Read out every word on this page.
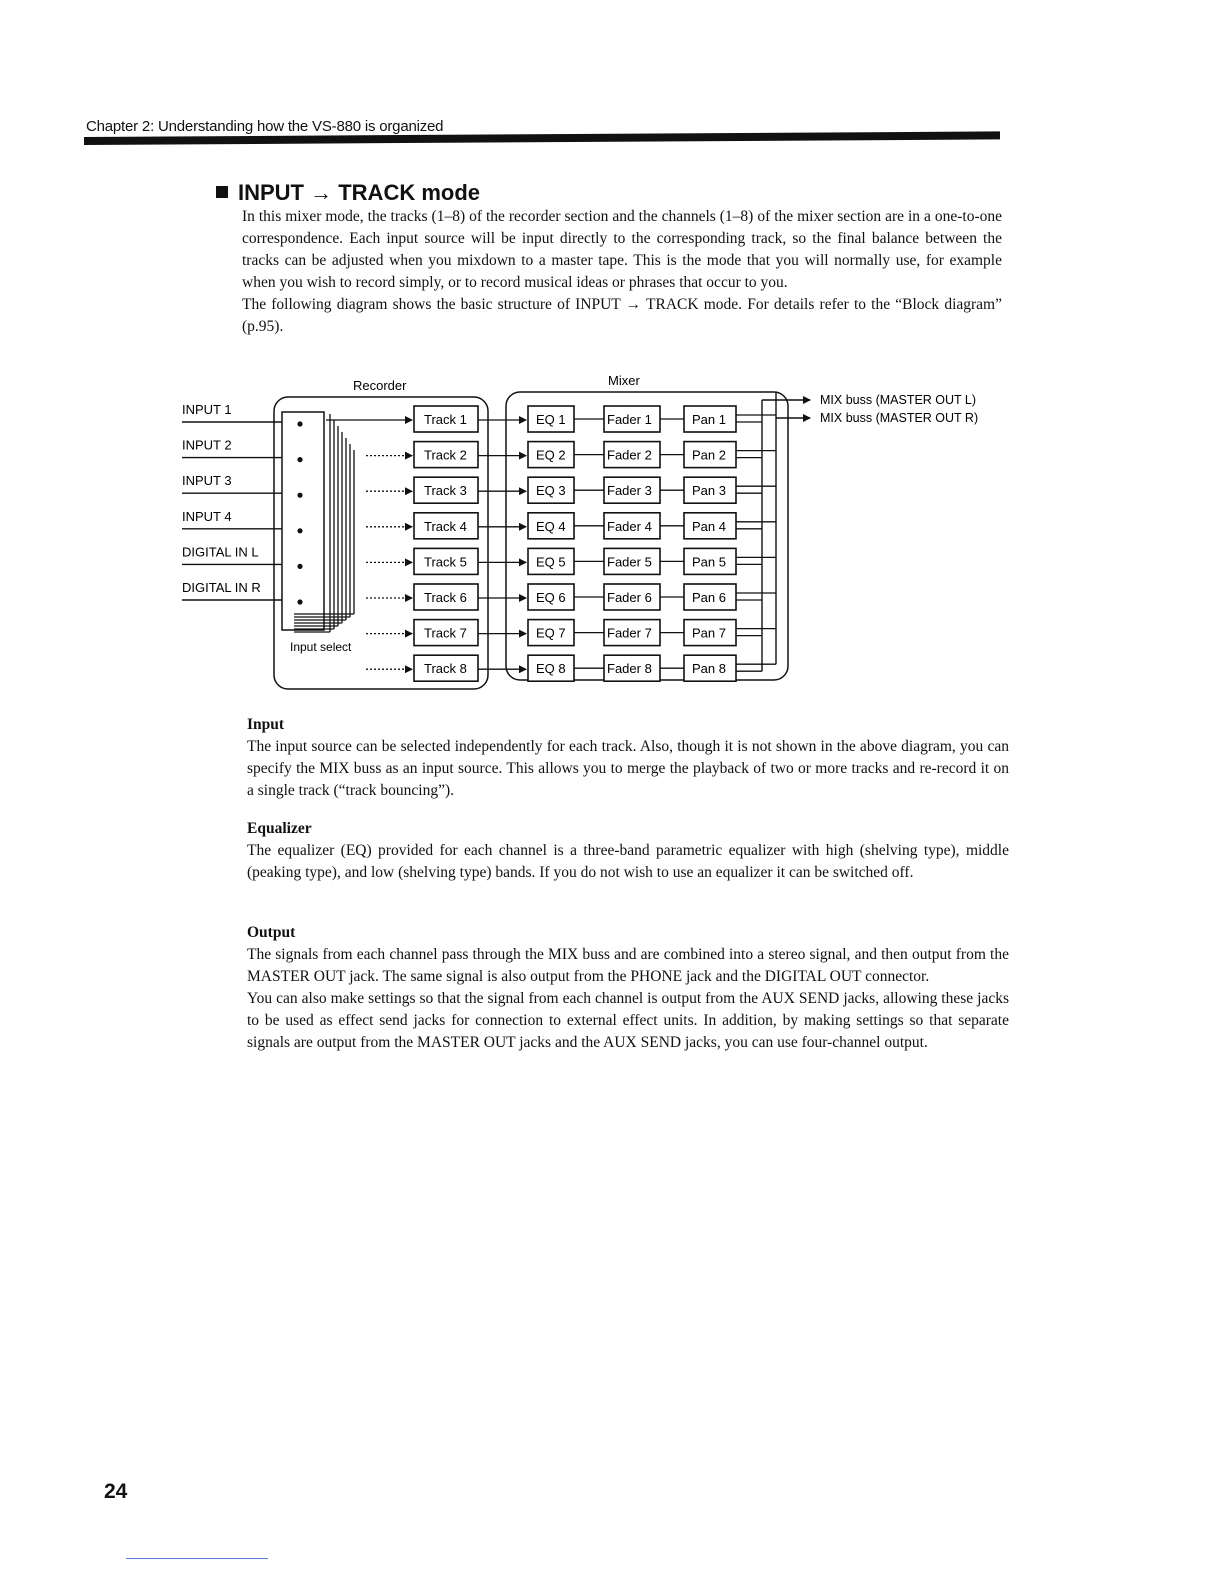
Chapter 2: Understanding how the VS-880 is organized
INPUT → TRACK mode

In this mixer mode, the tracks (1–8) of the recorder section and the channels (1–8) of the mixer section are in a one-to-one correspondence. Each input source will be input directly to the corresponding track, so the final balance between the tracks can be adjusted when you mixdown to a master tape. This is the mode that you will normally use, for example when you wish to record simply, or to record musical ideas or phrases that occur to you.

The following diagram shows the basic structure of INPUT → TRACK mode. For details refer to the “Block diagram” (p.95).

Recorder	Mixer
Input select
INPUT 1
INPUT 2
INPUT 3
INPUT 4
DIGITAL IN L
DIGITAL IN R
Track 1
Track 2
Track 3
Track 4
Track 5
Track 6
Track 7
Track 8
EQ 1	Fader 1	Pan 1
EQ 2	Fader 2	Pan 2
EQ 3	Fader 3	Pan 3
EQ 4	Fader 4	Pan 4
EQ 5	Fader 5	Pan 5
EQ 6	Fader 6	Pan 6
EQ 7	Fader 7	Pan 7
EQ 8	Fader 8	Pan 8
MIX buss (MASTER OUT L)
MIX buss (MASTER OUT R)
Input

The input source can be selected independently for each track. Also, though it is not shown in the above diagram, you can specify the MIX buss as an input source. This allows you to merge the playback of two or more tracks and re-record it on a single track (“track bouncing”).

Equalizer

The equalizer (EQ) provided for each channel is a three-band parametric equalizer with high (shelving type), middle (peaking type), and low (shelving type) bands. If you do not wish to use an equalizer it can be switched off.

Output

The signals from each channel pass through the MIX buss and are combined into a stereo signal, and then output from the MASTER OUT jack. The same signal is also output from the PHONE jack and the DIGITAL OUT connector.

You can also make settings so that the signal from each channel is output from the AUX SEND jacks, allowing these jacks to be used as effect send jacks for connection to external effect units. In addition, by making settings so that separate signals are output from the MASTER OUT jacks and the AUX SEND jacks, you can use four-channel output.

24
